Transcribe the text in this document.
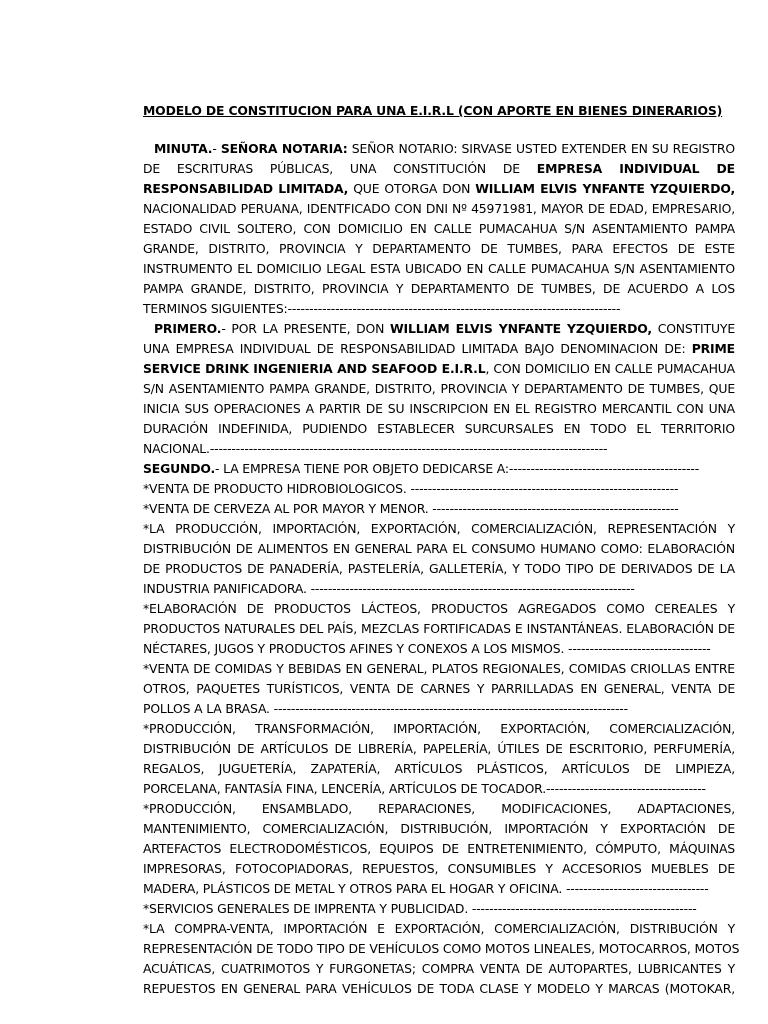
MODELO DE CONSTITUCION PARA UNA E.I.R.L (CON APORTE EN BIENES DINERARIOS)

MINUTA.- SEÑORA NOTARIA: SEÑOR NOTARIO: SIRVASE USTED EXTENDER EN SU REGISTRO

DE ESCRITURAS PÚBLICAS, UNA CONSTITUCIÓN DE EMPRESA INDIVIDUAL DE

RESPONSABILIDAD LIMITADA, QUE OTORGA DON WILLIAM ELVIS YNFANTE YZQUIERDO,

NACIONALIDAD PERUANA, IDENTFICADO CON DNI Nº 45971981, MAYOR DE EDAD, EMPRESARIO,

ESTADO CIVIL SOLTERO, CON DOMICILIO EN CALLE PUMACAHUA S/N ASENTAMIENTO PAMPA

GRANDE, DISTRITO, PROVINCIA Y DEPARTAMENTO DE TUMBES, PARA EFECTOS DE ESTE

INSTRUMENTO EL DOMICILIO LEGAL ESTA UBICADO EN CALLE PUMACAHUA S/N ASENTAMIENTO

PAMPA GRANDE, DISTRITO, PROVINCIA Y DEPARTAMENTO DE TUMBES, DE ACUERDO A LOS

TERMINOS SIGUIENTES:-----------------------------------------------------------------------------

PRIMERO.- POR LA PRESENTE, DON WILLIAM ELVIS YNFANTE YZQUIERDO, CONSTITUYE

UNA EMPRESA INDIVIDUAL DE RESPONSABILIDAD LIMITADA BAJO DENOMINACION DE: PRIME

SERVICE DRINK INGENIERIA AND SEAFOOD E.I.R.L, CON DOMICILIO EN CALLE PUMACAHUA

S/N ASENTAMIENTO PAMPA GRANDE, DISTRITO, PROVINCIA Y DEPARTAMENTO DE TUMBES, QUE

INICIA SUS OPERACIONES A PARTIR DE SU INSCRIPCION EN EL REGISTRO MERCANTIL CON UNA

DURACIÓN INDEFINIDA, PUDIENDO ESTABLECER SURCURSALES EN TODO EL TERRITORIO

NACIONAL.--------------------------------------------------------------------------------------------

SEGUNDO.- LA EMPRESA TIENE POR OBJETO DEDICARSE A:--------------------------------------------

*VENTA DE PRODUCTO HIDROBIOLOGICOS. --------------------------------------------------------------

*VENTA DE CERVEZA AL POR MAYOR Y MENOR. ---------------------------------------------------------

*LA PRODUCCIÓN, IMPORTACIÓN, EXPORTACIÓN, COMERCIALIZACIÓN, REPRESENTACIÓN Y

DISTRIBUCIÓN DE ALIMENTOS EN GENERAL PARA EL CONSUMO HUMANO COMO: ELABORACIÓN

DE PRODUCTOS DE PANADERÍA, PASTELERÍA, GALLETERÍA, Y TODO TIPO DE DERIVADOS DE LA

INDUSTRIA PANIFICADORA. ---------------------------------------------------------------------------

*ELABORACIÓN DE PRODUCTOS LÁCTEOS, PRODUCTOS AGREGADOS COMO CEREALES Y

PRODUCTOS NATURALES DEL PAÍS, MEZCLAS FORTIFICADAS E INSTANTÁNEAS. ELABORACIÓN DE

NÉCTARES, JUGOS Y PRODUCTOS AFINES Y CONEXOS A LOS MISMOS. ---------------------------------

*VENTA DE COMIDAS Y BEBIDAS EN GENERAL, PLATOS REGIONALES, COMIDAS CRIOLLAS ENTRE

OTROS, PAQUETES TURÍSTICOS, VENTA DE CARNES Y PARRILLADAS EN GENERAL, VENTA DE

POLLOS A LA BRASA. ----------------------------------------------------------------------------------

*PRODUCCIÓN, TRANSFORMACIÓN, IMPORTACIÓN, EXPORTACIÓN, COMERCIALIZACIÓN,

DISTRIBUCIÓN DE ARTÍCULOS DE LIBRERÍA, PAPELERÍA, ÚTILES DE ESCRITORIO, PERFUMERÍA,

REGALOS, JUGUETERÍA, ZAPATERÍA, ARTÍCULOS PLÁSTICOS, ARTÍCULOS DE LIMPIEZA,

PORCELANA, FANTASÍA FINA, LENCERÍA, ARTÍCULOS DE TOCADOR.-------------------------------------

*PRODUCCIÓN, ENSAMBLADO, REPARACIONES, MODIFICACIONES, ADAPTACIONES,

MANTENIMIENTO, COMERCIALIZACIÓN, DISTRIBUCIÓN, IMPORTACIÓN Y EXPORTACIÓN DE

ARTEFACTOS ELECTRODOMÉSTICOS, EQUIPOS DE ENTRETENIMIENTO, CÓMPUTO, MÁQUINAS

IMPRESORAS, FOTOCOPIADORAS, REPUESTOS, CONSUMIBLES Y ACCESORIOS MUEBLES DE

MADERA, PLÁSTICOS DE METAL Y OTROS PARA EL HOGAR Y OFICINA. ---------------------------------

*SERVICIOS GENERALES DE IMPRENTA Y PUBLICIDAD. ----------------------------------------------------

*LA COMPRA-VENTA, IMPORTACIÓN E EXPORTACIÓN, COMERCIALIZACIÓN, DISTRIBUCIÓN Y

REPRESENTACIÓN DE TODO TIPO DE VEHÍCULOS COMO MOTOS LINEALES, MOTOCARROS, MOTOS

ACUÁTICAS, CUATRIMOTOS Y FURGONETAS; COMPRA VENTA DE AUTOPARTES, LUBRICANTES Y

REPUESTOS EN GENERAL PARA VEHÍCULOS DE TODA CLASE Y MODELO Y MARCAS (MOTOKAR,
